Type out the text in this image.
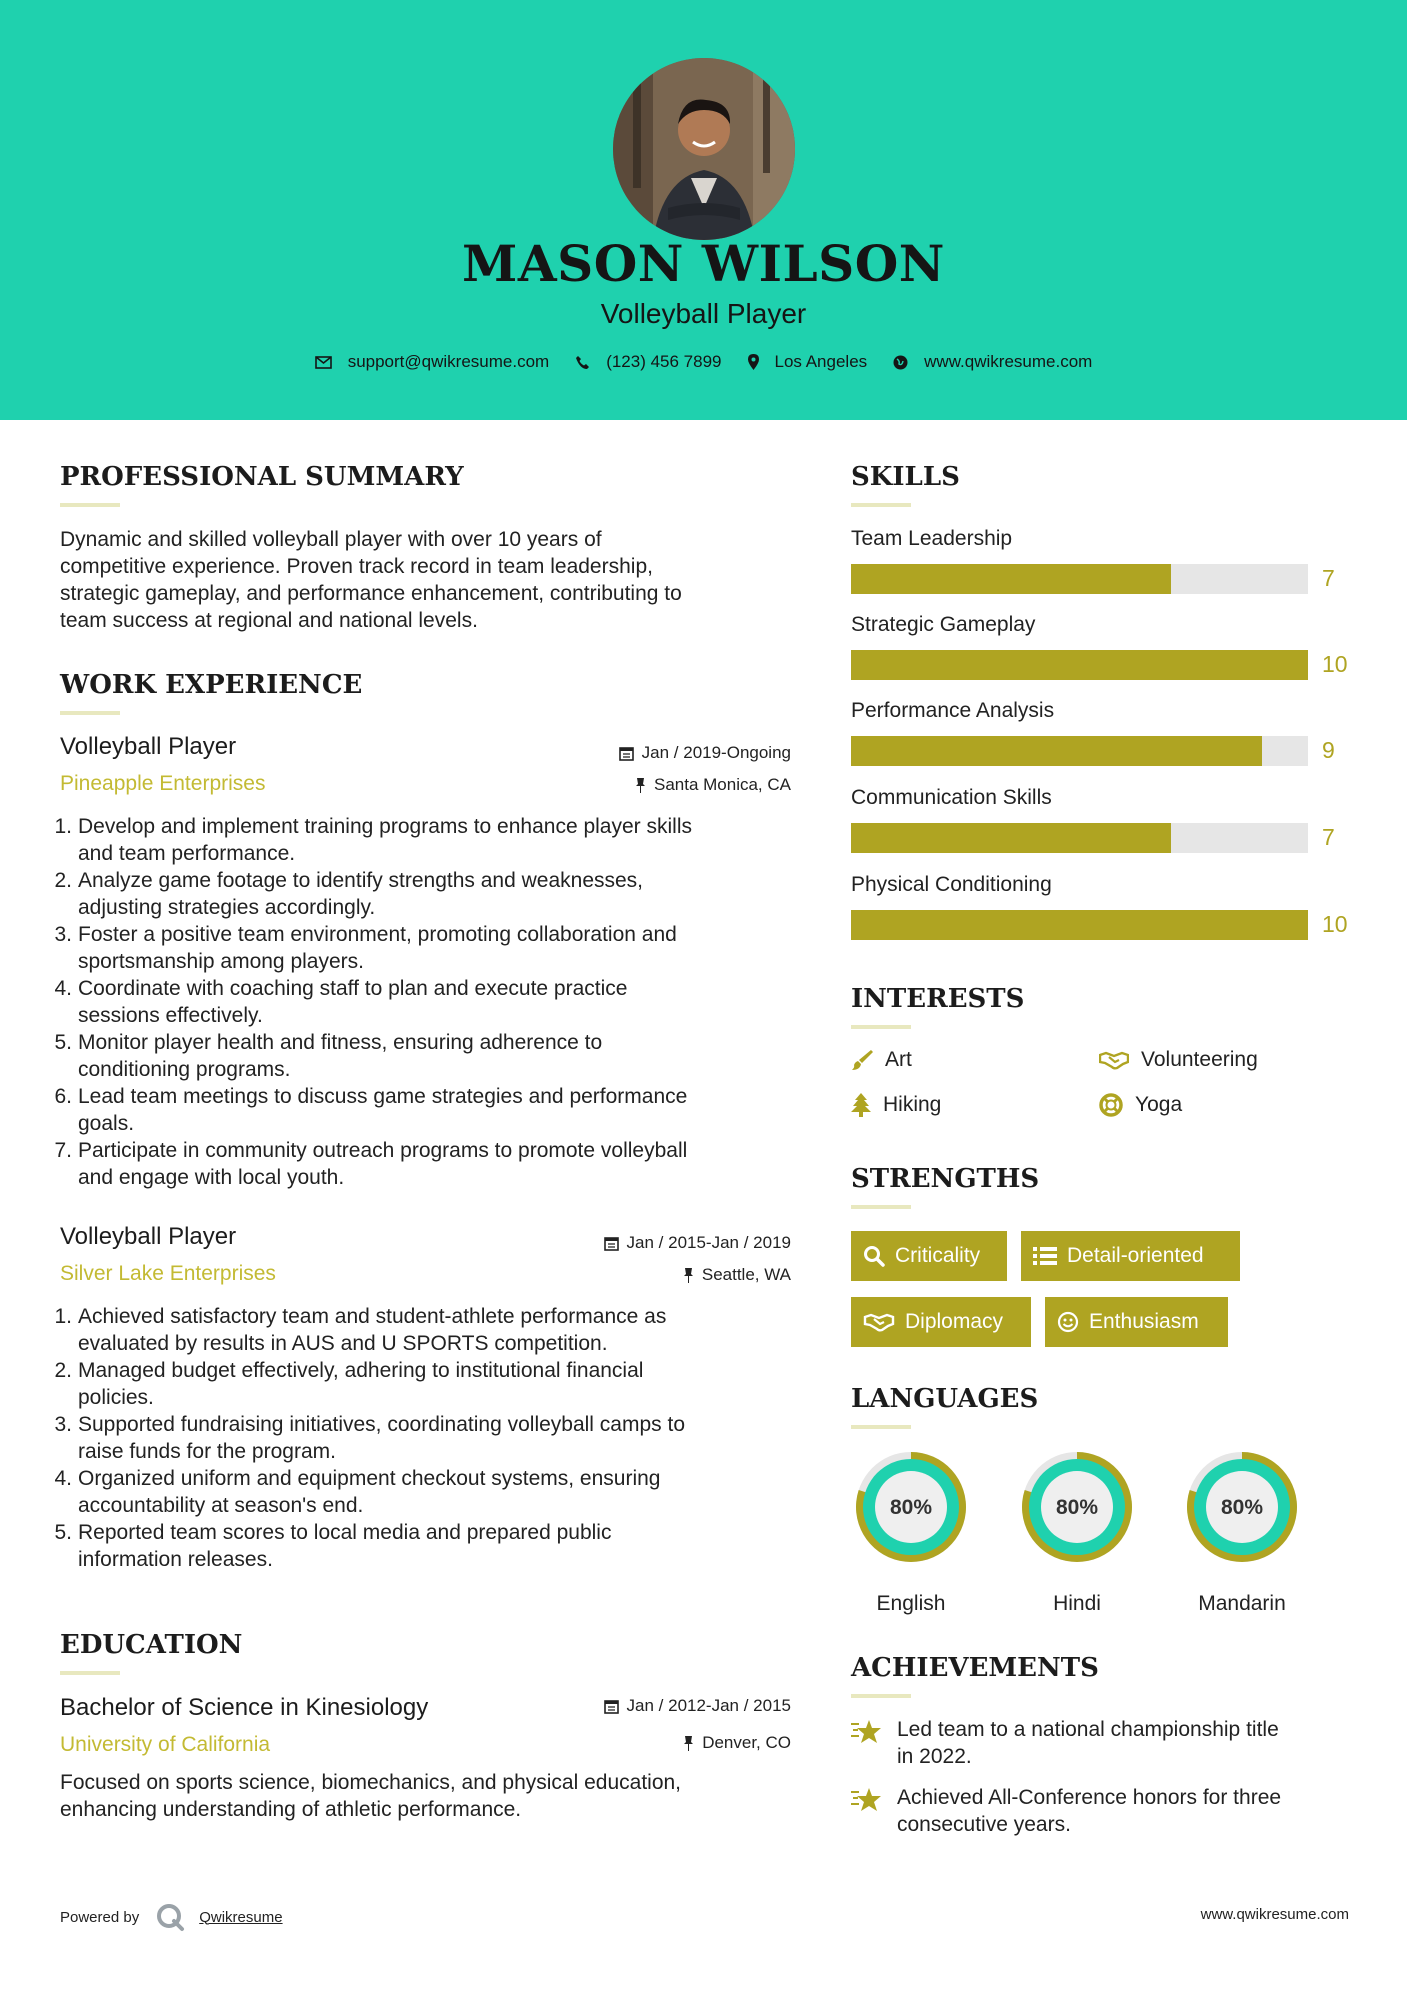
MASON WILSON
Volleyball Player
support@qwikresume.com	(123) 456 7899	Los Angeles	www.qwikresume.com
PROFESSIONAL SUMMARY
Dynamic and skilled volleyball player with over 10 years of
competitive experience. Proven track record in team leadership,
strategic gameplay, and performance enhancement, contributing to
team success at regional and national levels.
WORK EXPERIENCE
Volleyball Player
Pineapple Enterprises
Jan / 2019-Ongoing
Santa Monica, CA
1. Develop and implement training programs to enhance player skills
and team performance.
2. Analyze game footage to identify strengths and weaknesses,
adjusting strategies accordingly.
3. Foster a positive team environment, promoting collaboration and
sportsmanship among players.
4. Coordinate with coaching staff to plan and execute practice
sessions effectively.
5. Monitor player health and fitness, ensuring adherence to
conditioning programs.
6. Lead team meetings to discuss game strategies and performance
goals.
7. Participate in community outreach programs to promote volleyball
and engage with local youth.
Volleyball Player
Silver Lake Enterprises
Jan / 2015-Jan / 2019
Seattle, WA
1. Achieved satisfactory team and student-athlete performance as
evaluated by results in AUS and U SPORTS competition.
2. Managed budget effectively, adhering to institutional financial
policies.
3. Supported fundraising initiatives, coordinating volleyball camps to
raise funds for the program.
4. Organized uniform and equipment checkout systems, ensuring
accountability at season's end.
5. Reported team scores to local media and prepared public
information releases.
EDUCATION
Bachelor of Science in Kinesiology
University of California
Jan / 2012-Jan / 2015
Denver, CO
Focused on sports science, biomechanics, and physical education,
enhancing understanding of athletic performance.
SKILLS
Team Leadership
7
Strategic Gameplay
10
Performance Analysis
9
Communication Skills
7
Physical Conditioning
10
INTERESTS
Art	Volunteering
Hiking	Yoga
STRENGTHS
Criticality	Detail-oriented
Diplomacy	Enthusiasm
LANGUAGES
80%
English
80%
Hindi
80%
Mandarin
ACHIEVEMENTS
Led team to a national championship title
in 2022.
Achieved All-Conference honors for three
consecutive years.
Powered by	Qwikresume	www.qwikresume.com
